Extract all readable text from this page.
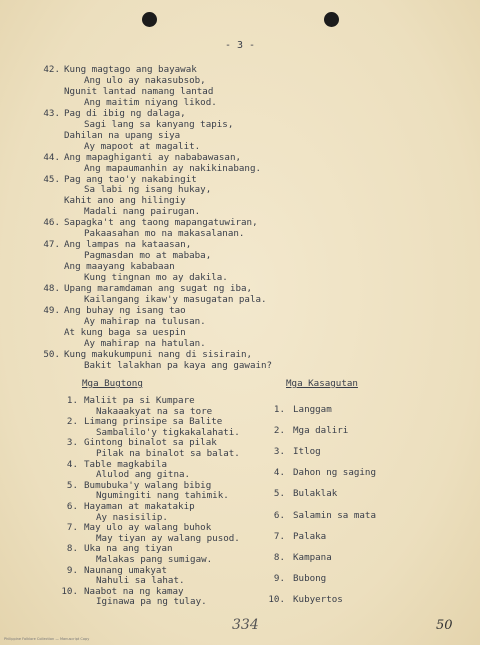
- 3 -
Kung magtago ang bayawak
42.
Ang ulo ay nakasubsob,
Ngunit lantad namang lantad
Ang maitim niyang likod.
Pag di ibig ng dalaga,
43.
Sagi lang sa kanyang tapis,
Dahilan na upang siya
Ay mapoot at magalit.
Ang mapaghiganti ay nababawasan,
44.
Ang mapaumanhin ay nakikinabang.
Pag ang tao'y nakabingit
45.
Sa labi ng isang hukay,
Kahit ano ang hilingiy
Madali nang pairugan.
Sapagka't ang taong mapangatuwiran,
46.
Pakaasahan mo na makasalanan.
Ang lampas na kataasan,
47.
Pagmasdan mo at mababa,
Ang maayang kababaan
Kung tingnan mo ay dakila.
Upang maramdaman ang sugat ng iba,
48.
Kailangang ikaw'y masugatan pala.
Ang buhay ng isang tao
49.
Ay mahirap na tulusan.
At kung baga sa uespin
Ay mahirap na hatulan.
Kung makukumpuni nang di sisirain,
50.
Bakit lalakhan pa kaya ang gawain?
Mga Bugtong	Mga Kasagutan
Maliit pa si Kumpare
1.
Nakaaakyat na sa tore
Limang prinsipe sa Balite
2.
Sambalilo'y tigkakalahati.
Gintong binalot sa pilak
3.
Pilak na binalot sa balat.
Table magkabila
4.
Alulod ang gitna.
Bumubuka'y walang bibig
5.
Ngumingiti nang tahimik.
Hayaman at makatakip
6.
Ay nasisilip.
May ulo ay walang buhok
7.
May tiyan ay walang pusod.
Uka na ang tiyan
8.
Malakas pang sumigaw.
Naunang umakyat
9.
Nahuli sa lahat.
Naabot na ng kamay
10.
Iginawa pa ng tulay.
Langgam
1.
Mga daliri
2.
Itlog
3.
Dahon ng saging
4.
Bulaklak
5.
Salamin sa mata
6.
Palaka
7.
Kampana
8.
Bubong
9.
Kubyertos
10.
334	50
Philippine Folklore Collection — Manuscript Copy
